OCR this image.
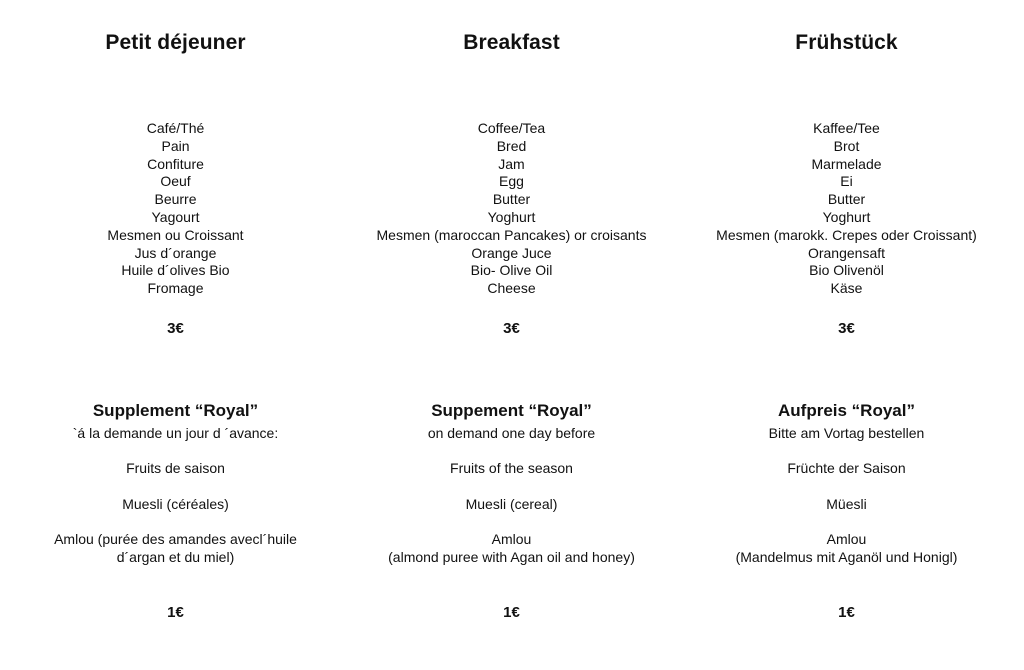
Petit déjeuner
Café/Thé
Pain
Confiture
Oeuf
Beurre
Yagourt
Mesmen ou Croissant
Jus d´orange
Huile d´olives Bio
Fromage
3€
Supplement “Royal”
`á la demande un jour d ´avance:
Fruits de saison
Muesli (céréales)
Amlou (purée des amandes avecl´huile
d´argan et du miel)
1€
Breakfast
Coffee/Tea
Bred
Jam
Egg
Butter
Yoghurt
Mesmen (maroccan Pancakes) or croisants
Orange Juce
Bio- Olive Oil
Cheese
3€
Suppement “Royal”
on demand one day before
Fruits of the season
Muesli (cereal)
Amlou
(almond puree with Agan oil and honey)
1€
Frühstück
Kaffee/Tee
Brot
Marmelade
Ei
Butter
Yoghurt
Mesmen (marokk. Crepes oder Croissant)
Orangensaft
Bio Olivenöl
Käse
3€
Aufpreis “Royal”
Bitte am Vortag bestellen
Früchte der Saison
Müesli
Amlou
(Mandelmus mit Aganöl und Honigl)
1€
